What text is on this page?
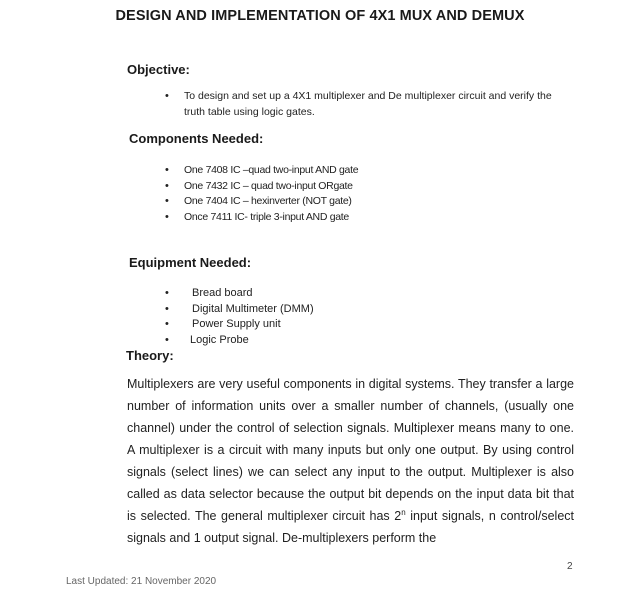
DESIGN AND IMPLEMENTATION OF 4X1 MUX AND DEMUX
Objective:
• To design and set up a 4X1 multiplexer and De multiplexer circuit and verify the truth table using logic gates.
Components Needed:
• One 7408 IC –quad two-input AND gate
• One 7432 IC – quad two-input ORgate
• One 7404 IC – hexinverter (NOT gate)
• Once 7411 IC- triple 3-input AND gate
Equipment Needed:
• Bread board
• Digital Multimeter (DMM)
• Power Supply unit
• Logic Probe
Theory:
Multiplexers are very useful components in digital systems. They transfer a large number of information units over a smaller number of channels, (usually one channel) under the control of selection signals. Multiplexer means many to one. A multiplexer is a circuit with many inputs but only one output. By using control signals (select lines) we can select any input to the output. Multiplexer is also called as data selector because the output bit depends on the input data bit that is selected. The general multiplexer circuit has 2$^n$ input signals, n control/select signals and 1 output signal. De-multiplexers perform the
2
Last Updated: 21 November 2020
